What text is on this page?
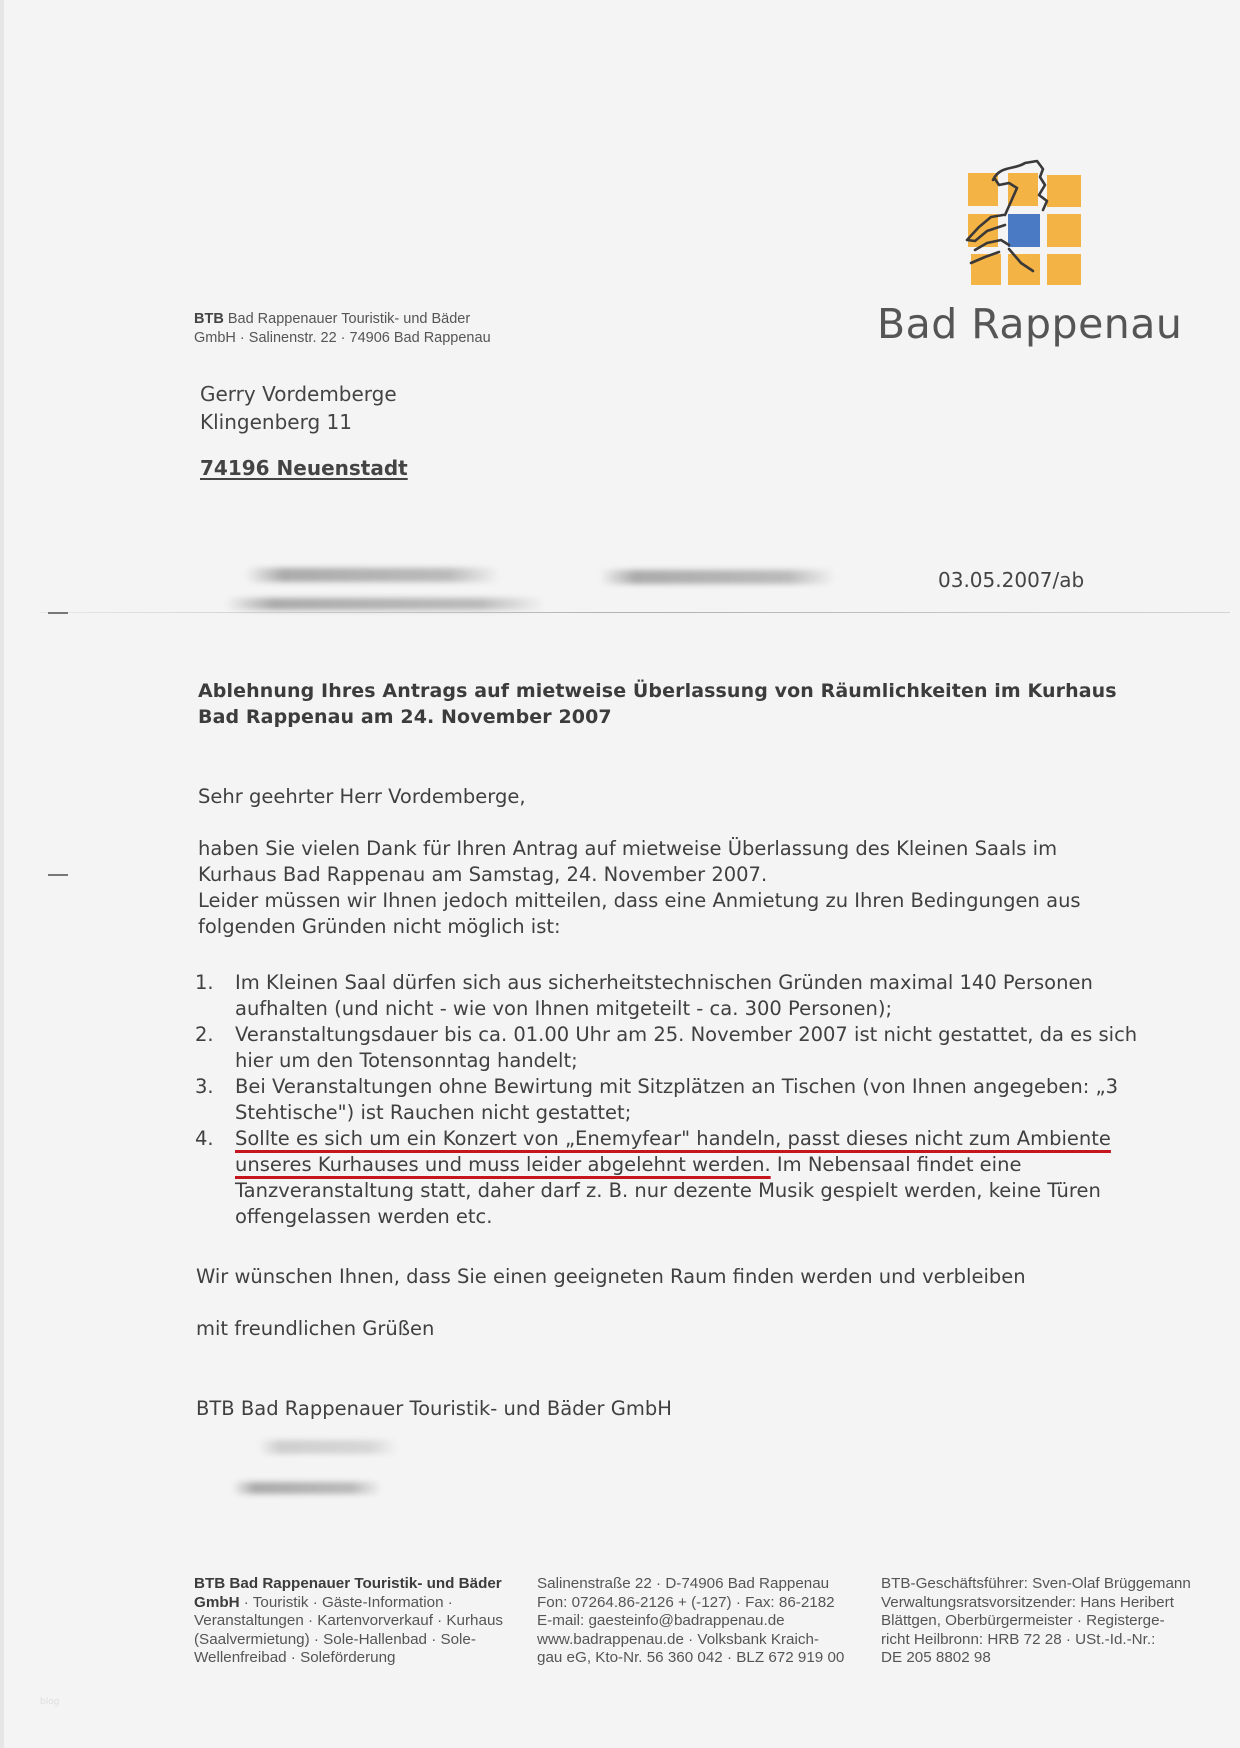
BTB Bad Rappenauer Touristik- und Bäder
GmbH · Salinenstr. 22 · 74906 Bad Rappenau	Bad Rappenau
Gerry Vordemberge
Klingenberg 11
74196 Neuenstadt
03.05.2007/ab
Ablehnung Ihres Antrags auf mietweise Überlassung von Räumlichkeiten im Kurhaus Bad Rappenau am 24. November 2007
Sehr geehrter Herr Vordemberge,
haben Sie vielen Dank für Ihren Antrag auf mietweise Überlassung des Kleinen Saals im
Kurhaus Bad Rappenau am Samstag, 24. November 2007.
Leider müssen wir Ihnen jedoch mitteilen, dass eine Anmietung zu Ihren Bedingungen aus
folgenden Gründen nicht möglich ist:
1. Im Kleinen Saal dürfen sich aus sicherheitstechnischen Gründen maximal 140 Personen aufhalten (und nicht - wie von Ihnen mitgeteilt - ca. 300 Personen);
2. Veranstaltungsdauer bis ca. 01.00 Uhr am 25. November 2007 ist nicht gestattet, da es sich hier um den Totensonntag handelt;
3. Bei Veranstaltungen ohne Bewirtung mit Sitzplätzen an Tischen (von Ihnen angegeben: „3 Stehtische") ist Rauchen nicht gestattet;
4. Sollte es sich um ein Konzert von „Enemyfear" handeln, passt dieses nicht zum Ambiente unseres Kurhauses und muss leider abgelehnt werden. Im Nebensaal findet eine Tanzveranstaltung statt, daher darf z. B. nur dezente Musik gespielt werden, keine Türen offengelassen werden etc.
Wir wünschen Ihnen, dass Sie einen geeigneten Raum finden werden und verbleiben
mit freundlichen Grüßen
BTB Bad Rappenauer Touristik- und Bäder GmbH
BTB Bad Rappenauer Touristik- und Bäder GmbH · Touristik · Gäste-Information · Veranstaltungen · Kartenvorverkauf · Kurhaus (Saalvermietung) · Sole-Hallenbad · Sole-Wellenfreibad · Soleförderung
Salinenstraße 22 · D-74906 Bad Rappenau
Fon: 07264.86-2126 + (-127) · Fax: 86-2182
E-mail: gaesteinfo@badrappenau.de
www.badrappenau.de · Volksbank Kraich-
gau eG, Kto-Nr. 56 360 042 · BLZ 672 919 00
BTB-Geschäftsführer: Sven-Olaf Brüggemann
Verwaltungsratsvorsitzender: Hans Heribert
Blättgen, Oberbürgermeister · Registerge-
richt Heilbronn: HRB 72 28 · USt.-Id.-Nr.:
DE 205 8802 98
blog
